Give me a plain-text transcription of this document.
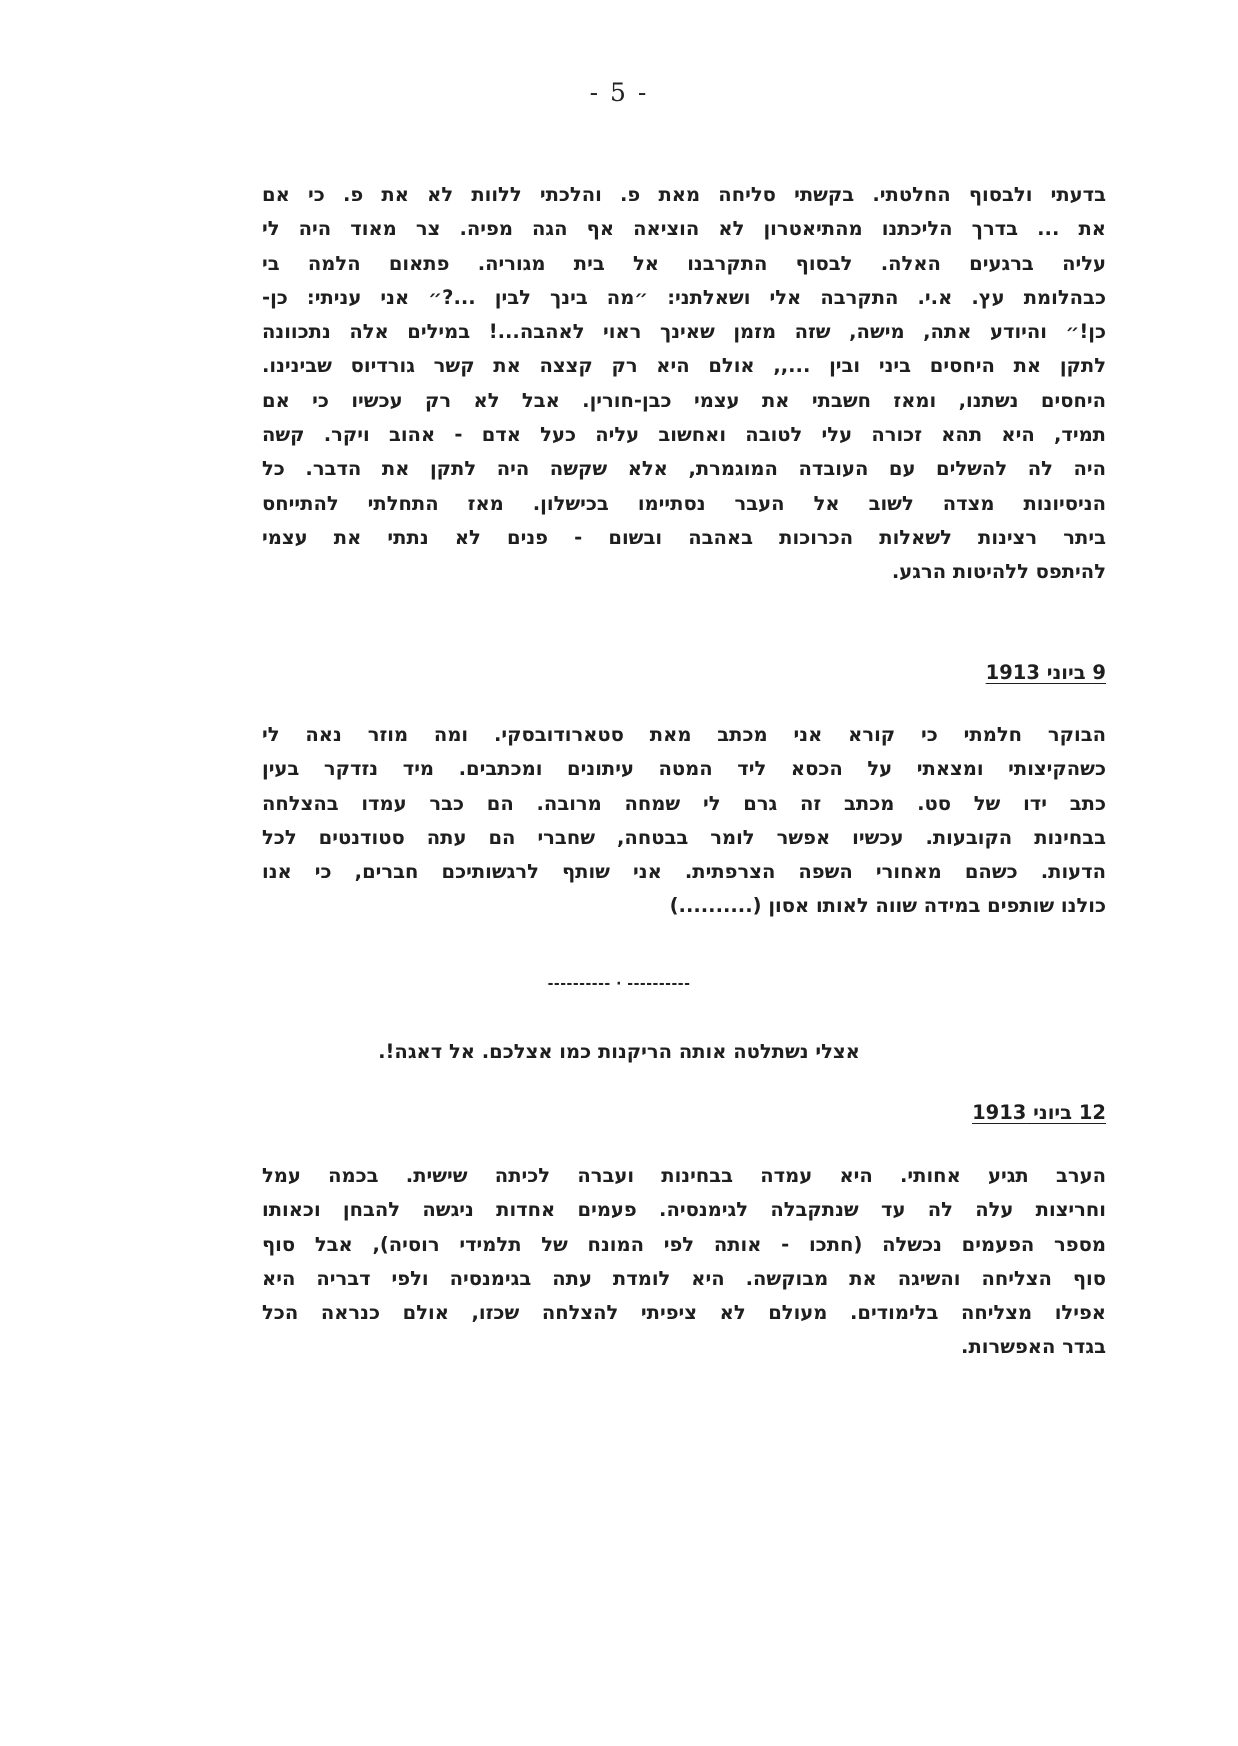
- 5 -
בדעתי ולבסוף החלטתי. בקשתי סליחה מאת פ. והלכתי ללוות לא את פ. כי אם
את ... בדרך הליכתנו מהתיאטרון לא הוציאה אף הגה מפיה. צר מאוד היה לי
עליה ברגעים האלה. לבסוף התקרבנו אל בית מגוריה. פתאום הלמה בי
כבהלומת עץ. א.י. התקרבה אלי ושאלתני: ״מה בינך לבין ...?״ אני עניתי: כן-
כן!״ והיודע אתה, מישה, שזה מזמן שאינך ראוי לאהבה...! במילים אלה נתכוונה
לתקן את היחסים ביני ובין ...,, אולם היא רק קצצה את קשר גורדיוס שבינינו.
היחסים נשתנו, ומאז חשבתי את עצמי כבן-חורין. אבל לא רק עכשיו כי אם
תמיד, היא תהא זכורה עלי לטובה ואחשוב עליה כעל אדם - אהוב ויקר. קשה
היה לה להשלים עם העובדה המוגמרת, אלא שקשה היה לתקן את הדבר. כל
הניסיונות מצדה לשוב אל העבר נסתיימו בכישלון. מאז התחלתי להתייחס
ביתר רצינות לשאלות הכרוכות באהבה ובשום - פנים לא נתתי את עצמי
להיתפס ללהיטות הרגע.
9 ביוני 1913
הבוקר חלמתי כי קורא אני מכתב מאת סטארודובסקי. ומה מוזר נאה לי
כשהקיצותי ומצאתי על הכסא ליד המטה עיתונים ומכתבים. מיד נזדקר בעין
כתב ידו של סט. מכתב זה גרם לי שמחה מרובה. הם כבר עמדו בהצלחה
בבחינות הקובעות. עכשיו אפשר לומר בבטחה, שחברי הם עתה סטודנטים לכל
הדעות. כשהם מאחורי השפה הצרפתית. אני שותף לרגשותיכם חברים, כי אנו
כולנו שותפים במידה שווה לאותו אסון (..........)
---------- · ----------
אצלי נשתלטה אותה הריקנות כמו אצלכם. אל דאגה!.
12 ביוני 1913
הערב תגיע אחותי. היא עמדה בבחינות ועברה לכיתה שישית. בכמה עמל
וחריצות עלה לה עד שנתקבלה לגימנסיה. פעמים אחדות ניגשה להבחן וכאותו
מספר הפעמים נכשלה (חתכו - אותה לפי המונח של תלמידי רוסיה), אבל סוף
סוף הצליחה והשיגה את מבוקשה. היא לומדת עתה בגימנסיה ולפי דבריה היא
אפילו מצליחה בלימודים. מעולם לא ציפיתי להצלחה שכזו, אולם כנראה הכל
בגדר האפשרות.
